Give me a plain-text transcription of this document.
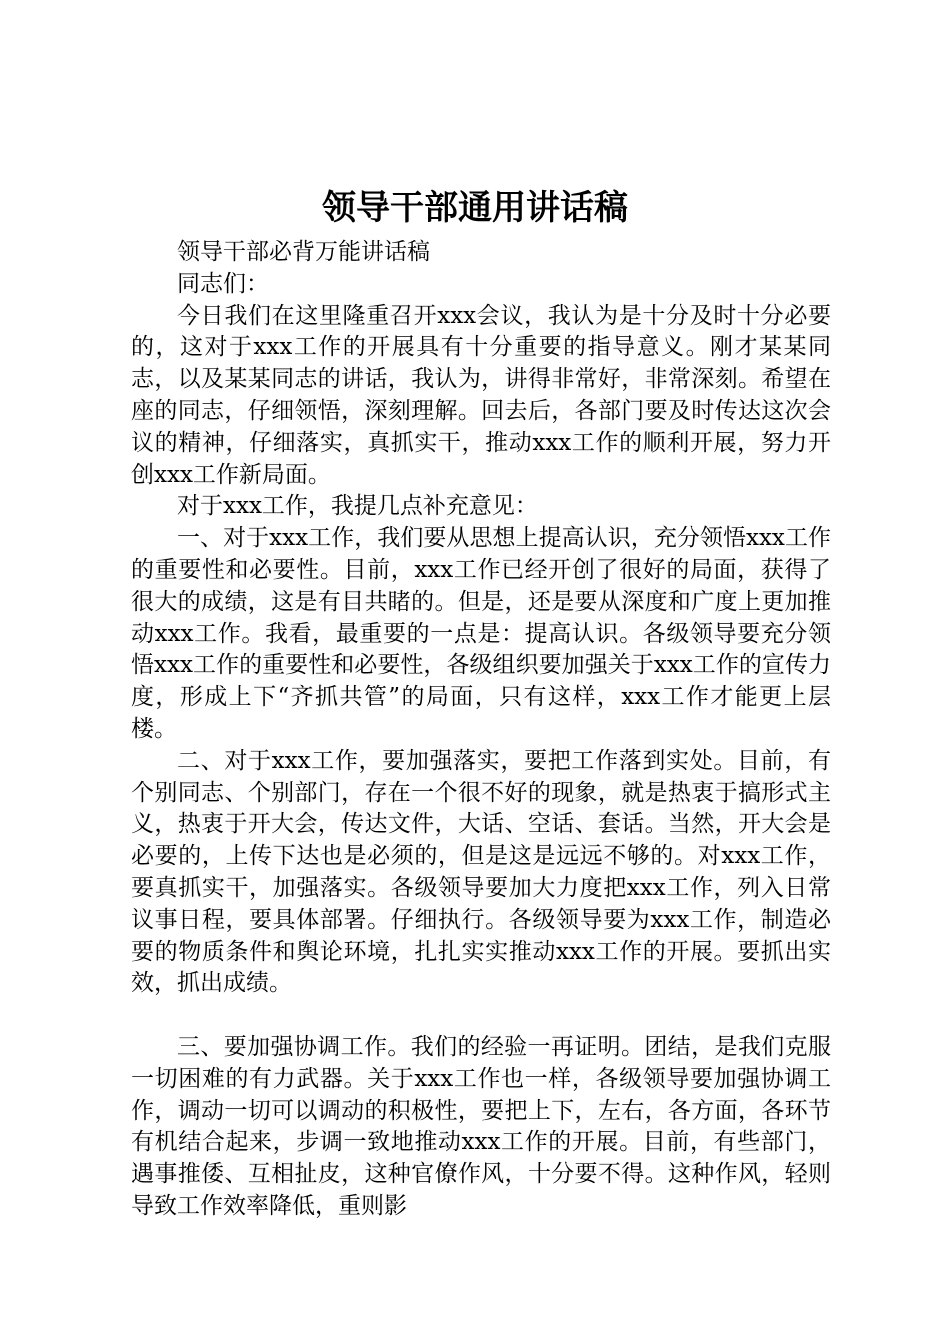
领导干部通用讲话稿

领导干部必背万能讲话稿

同志们：

今日我们在这里隆重召开xxx会议，我认为是十分及时十分必要的，这对于xxx工作的开展具有十分重要的指导意义。刚才某某同志，以及某某同志的讲话，我认为，讲得非常好，非常深刻。希望在座的同志，仔细领悟，深刻理解。回去后，各部门要及时传达这次会议的精神，仔细落实，真抓实干，推动xxx工作的顺利开展，努力开创xxx工作新局面。

对于xxx工作，我提几点补充意见：

一、对于xxx工作，我们要从思想上提高认识，充分领悟xxx工作的重要性和必要性。目前，xxx工作已经开创了很好的局面，获得了很大的成绩，这是有目共睹的。但是，还是要从深度和广度上更加推动xxx工作。我看，最重要的一点是：提高认识。各级领导要充分领悟xxx工作的重要性和必要性，各级组织要加强关于xxx工作的宣传力度，形成上下“齐抓共管”的局面，只有这样，xxx工作才能更上层楼。

二、对于xxx工作，要加强落实，要把工作落到实处。目前，有个别同志、个别部门，存在一个很不好的现象，就是热衷于搞形式主义，热衷于开大会，传达文件，大话、空话、套话。当然，开大会是必要的，上传下达也是必须的，但是这是远远不够的。对xxx工作，要真抓实干，加强落实。各级领导要加大力度把xxx工作，列入日常议事日程，要具体部署。仔细执行。各级领导要为xxx工作，制造必要的物质条件和舆论环境，扎扎实实推动xxx工作的开展。要抓出实效，抓出成绩。

三、要加强协调工作。我们的经验一再证明。团结，是我们克服一切困难的有力武器。关于xxx工作也一样，各级领导要加强协调工作，调动一切可以调动的积极性，要把上下，左右，各方面，各环节有机结合起来，步调一致地推动xxx工作的开展。目前，有些部门，遇事推倭、互相扯皮，这种官僚作风，十分要不得。这种作风，轻则导致工作效率降低，重则影
